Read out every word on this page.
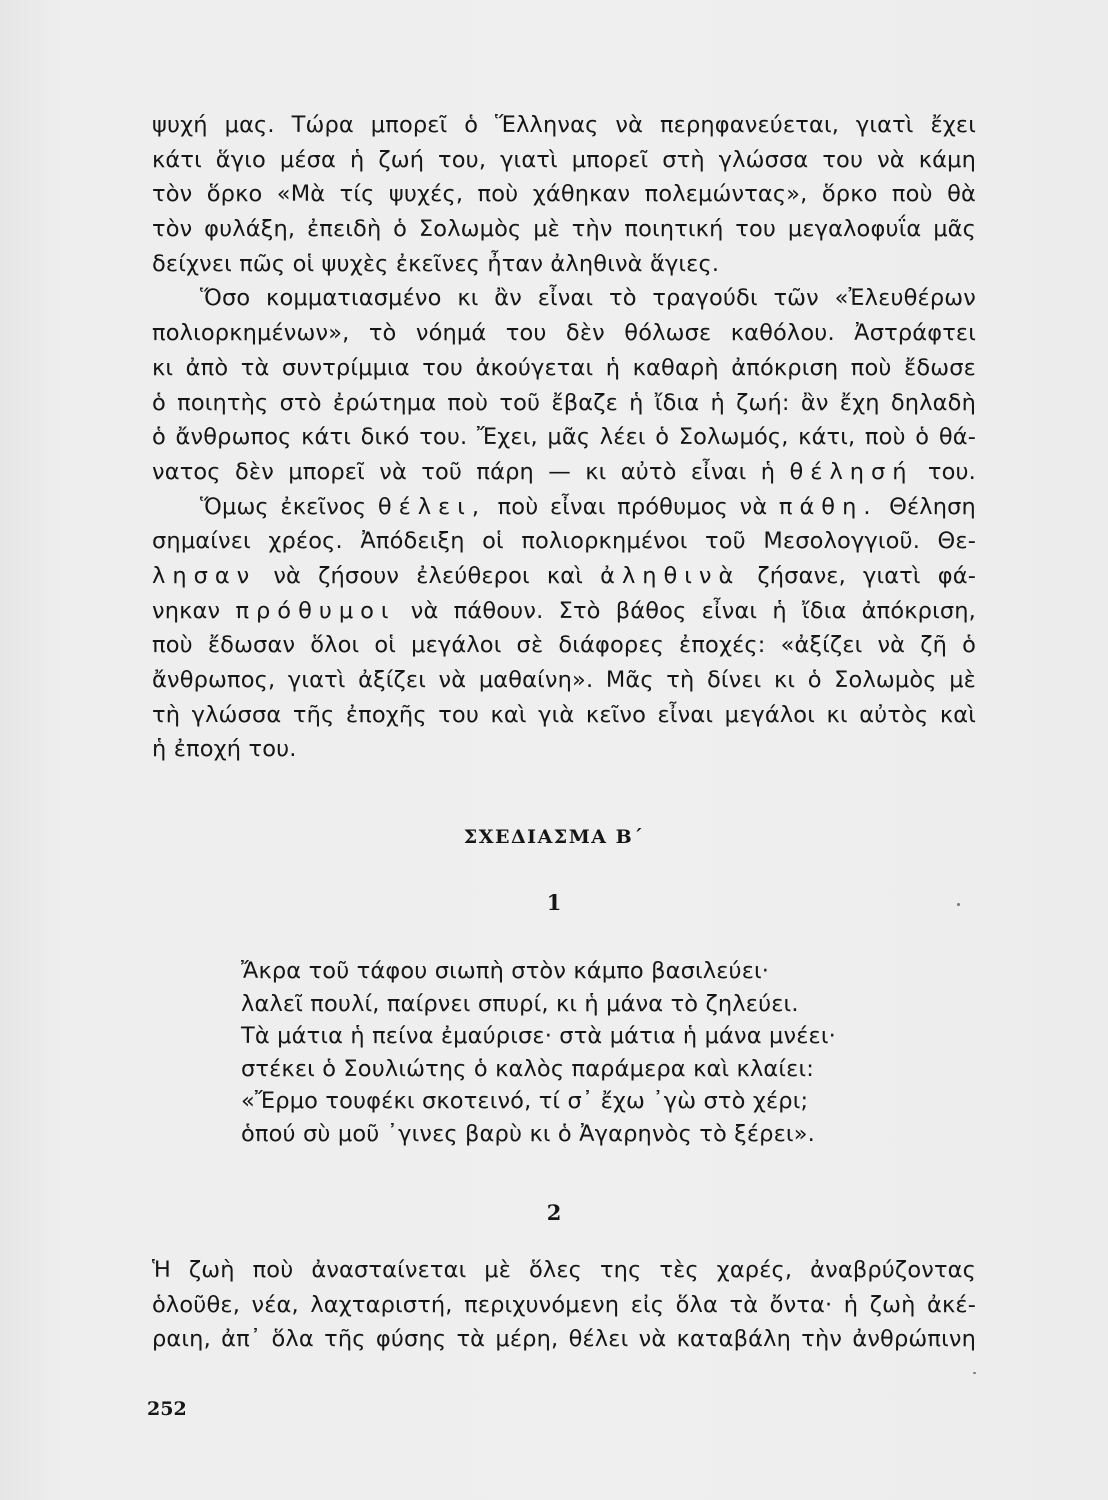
ψυχή μας. Τώρα μπορεῖ ὁ Ἕλληνας νὰ περηφανεύεται, γιατὶ ἔχει
κάτι ἅγιο μέσα ἡ ζωή του, γιατὶ μπορεῖ στὴ γλώσσα του νὰ κάμη
τὸν ὅρκο «Μὰ τίς ψυχές, ποὺ χάθηκαν πολεμώντας», ὅρκο ποὺ θὰ
τὸν φυλάξη, ἐπειδὴ ὁ Σολωμὸς μὲ τὴν ποιητική του μεγαλοφυΐα μᾶς
δείχνει πῶς οἱ ψυχὲς ἐκεῖνες ἦταν ἀληθινὰ ἅγιες.
Ὅσο κομματιασμένο κι ἂν εἶναι τὸ τραγούδι τῶν «Ἐλευθέρων
πολιορκημένων», τὸ νόημά του δὲν θόλωσε καθόλου. Ἀστράφτει
κι ἀπὸ τὰ συντρίμμια του ἀκούγεται ἡ καθαρὴ ἀπόκριση ποὺ ἔδωσε
ὁ ποιητὴς στὸ ἐρώτημα ποὺ τοῦ ἔβαζε ἡ ἴδια ἡ ζωή: ἂν ἔχη δηλαδὴ
ὁ ἄνθρωπος κάτι δικό του. Ἔχει, μᾶς λέει ὁ Σολωμός, κάτι, ποὺ ὁ θά-
νατος δὲν μπορεῖ νὰ τοῦ πάρη — κι αὐτὸ εἶναι ἡ θέλησή του.
Ὅμως ἐκεῖνος θέλει, ποὺ εἶναι πρόθυμος νὰ πάθη. Θέληση
σημαίνει χρέος. Ἀπόδειξη οἱ πολιορκημένοι τοῦ Μεσολογγιοῦ. Θε-
λησαν νὰ ζήσουν ἐλεύθεροι καὶ ἀληθινὰ ζήσανε, γιατὶ φά-
νηκαν πρόθυμοι νὰ πάθουν. Στὸ βάθος εἶναι ἡ ἴδια ἀπόκριση,
ποὺ ἔδωσαν ὅλοι οἱ μεγάλοι σὲ διάφορες ἐποχές: «ἀξίζει νὰ ζῆ ὁ
ἄνθρωπος, γιατὶ ἀξίζει νὰ μαθαίνη». Μᾶς τὴ δίνει κι ὁ Σολωμὸς μὲ
τὴ γλώσσα τῆς ἐποχῆς του καὶ γιὰ κεῖνο εἶναι μεγάλοι κι αὐτὸς καὶ
ἡ ἐποχή του.
ΣΧΕΔΙΑΣΜΑ Β΄
1
Ἄκρα τοῦ τάφου σιωπὴ στὸν κάμπο βασιλεύει·
λαλεῖ πουλί, παίρνει σπυρί, κι ἡ μάνα τὸ ζηλεύει.
Τὰ μάτια ἡ πείνα ἐμαύρισε· στὰ μάτια ἡ μάνα μνέει·
στέκει ὁ Σουλιώτης ὁ καλὸς παράμερα καὶ κλαίει:
«Ἔρμο τουφέκι σκοτεινό, τί σ᾽ ἔχω ᾽γὼ στὸ χέρι;
ὁπού σὺ μοῦ ᾽γινες βαρὺ κι ὁ Ἀγαρηνὸς τὸ ξέρει».
2
Ἡ ζωὴ ποὺ ἀνασταίνεται μὲ ὅλες της τὲς χαρές, ἀναβρύζοντας
ὁλοῦθε, νέα, λαχταριστή, περιχυνόμενη εἰς ὅλα τὰ ὄντα· ἡ ζωὴ ἀκέ-
ραιη, ἀπ᾽ ὅλα τῆς φύσης τὰ μέρη, θέλει νὰ καταβάλη τὴν ἀνθρώπινη
252
